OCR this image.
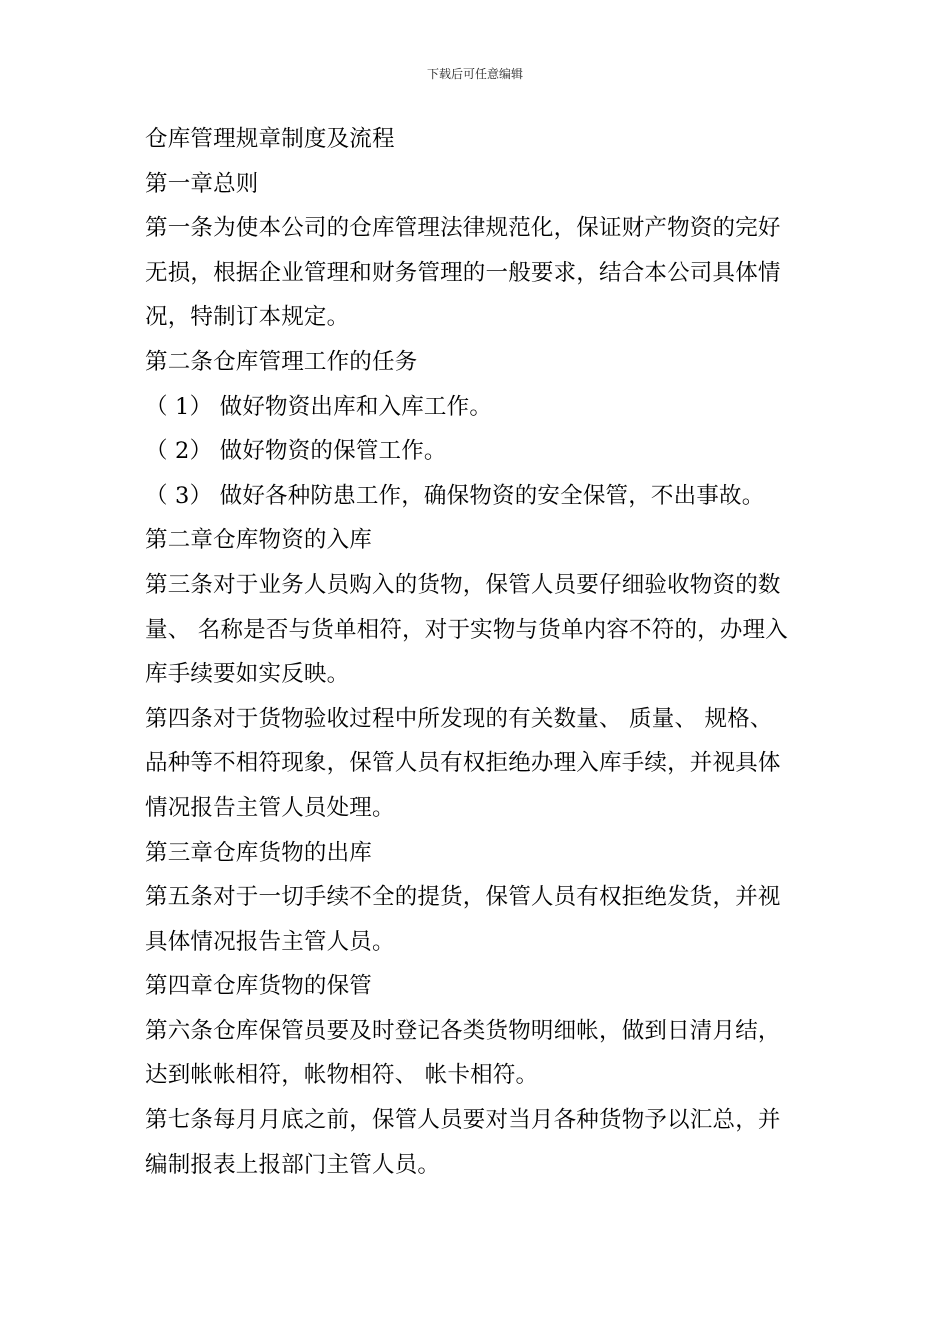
下载后可任意编辑
仓库管理规章制度及流程
第一章总则
第一条为使本公司的仓库管理法律规范化，保证财产物资的完好
无损，根据企业管理和财务管理的一般要求，结合本公司具体情
况，特制订本规定。
第二条仓库管理工作的任务
（ 1） 做好物资出库和入库工作。
（ 2） 做好物资的保管工作。
（ 3） 做好各种防患工作，确保物资的安全保管，不出事故。
第二章仓库物资的入库
第三条对于业务人员购入的货物，保管人员要仔细验收物资的数
量、 名称是否与货单相符，对于实物与货单内容不符的，办理入
库手续要如实反映。
第四条对于货物验收过程中所发现的有关数量、 质量、 规格、
品种等不相符现象，保管人员有权拒绝办理入库手续，并视具体
情况报告主管人员处理。
第三章仓库货物的出库
第五条对于一切手续不全的提货，保管人员有权拒绝发货，并视
具体情况报告主管人员。
第四章仓库货物的保管
第六条仓库保管员要及时登记各类货物明细帐，做到日清月结，
达到帐帐相符，帐物相符、 帐卡相符。
第七条每月月底之前，保管人员要对当月各种货物予以汇总，并
编制报表上报部门主管人员。
